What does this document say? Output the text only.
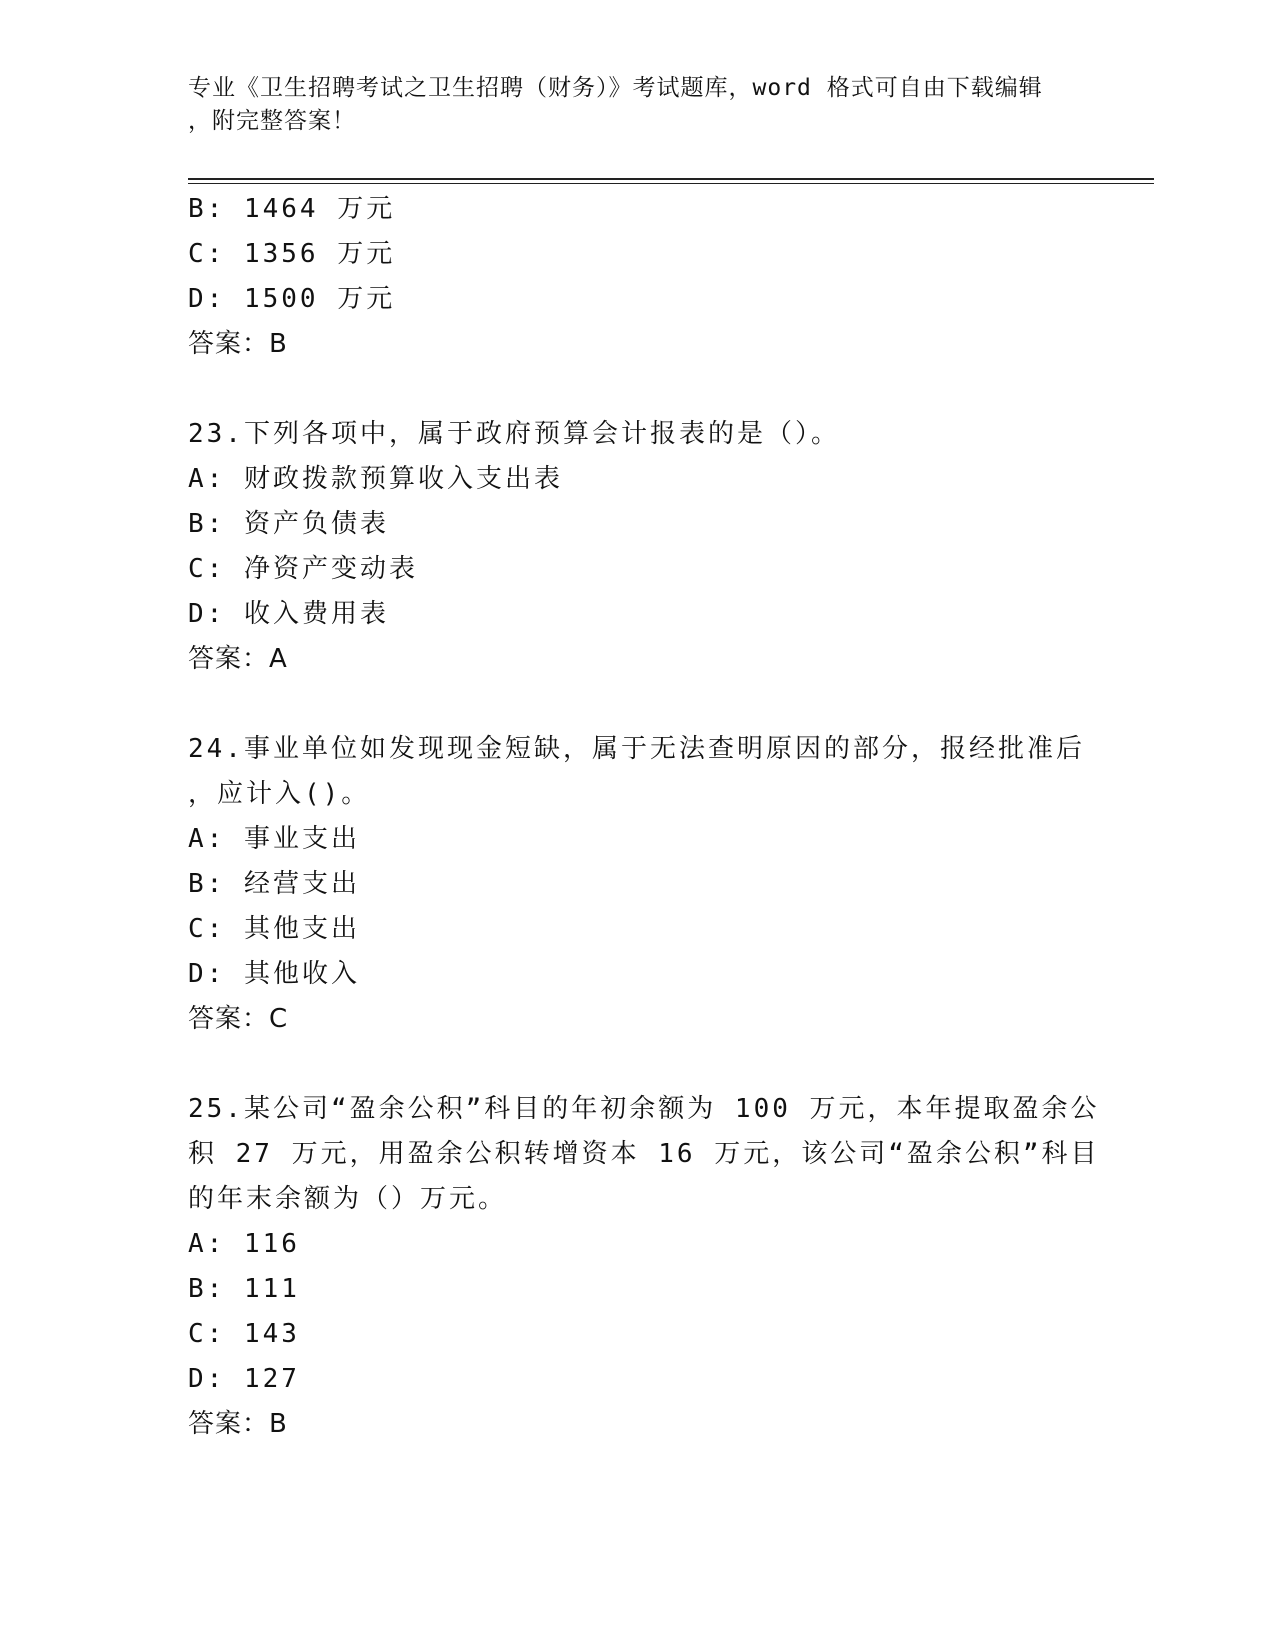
专业《卫生招聘考试之卫生招聘（财务）》考试题库，word 格式可自由下载编辑
，附完整答案！
B: 1464 万元
C: 1356 万元
D: 1500 万元
答案：B
23.下列各项中，属于政府预算会计报表的是（）。
A: 财政拨款预算收入支出表
B: 资产负债表
C: 净资产变动表
D: 收入费用表
答案：A
24.事业单位如发现现金短缺，属于无法查明原因的部分，报经批准后
，应计入()。
A: 事业支出
B: 经营支出
C: 其他支出
D: 其他收入
答案：C
25.某公司“盈余公积”科目的年初余额为 100 万元，本年提取盈余公
积 27 万元，用盈余公积转增资本 16 万元，该公司“盈余公积”科目
的年末余额为（）万元。
A: 116
B: 111
C: 143
D: 127
答案：B
